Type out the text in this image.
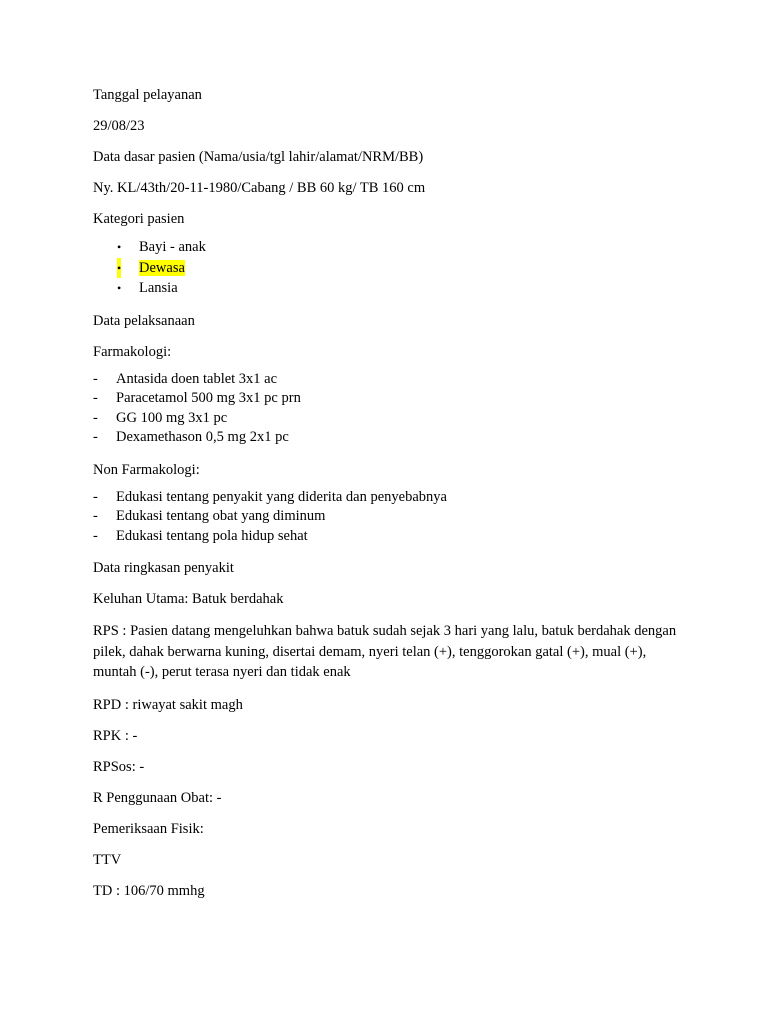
Tanggal pelayanan

29/08/23

Data dasar pasien (Nama/usia/tgl lahir/alamat/NRM/BB)

Ny. KL/43th/20-11-1980/Cabang / BB 60 kg/ TB 160 cm

Kategori pasien

• Bayi - anak
• Dewasa
• Lansia

Data pelaksanaan

Farmakologi:

- Antasida doen tablet 3x1 ac
- Paracetamol 500 mg 3x1 pc prn
- GG 100 mg 3x1 pc
- Dexamethason 0,5 mg 2x1 pc

Non Farmakologi:

- Edukasi tentang penyakit yang diderita dan penyebabnya
- Edukasi tentang obat yang diminum
- Edukasi tentang pola hidup sehat

Data ringkasan penyakit

Keluhan Utama: Batuk berdahak

RPS : Pasien datang mengeluhkan bahwa batuk sudah sejak 3 hari yang lalu, batuk berdahak dengan pilek, dahak berwarna kuning, disertai demam, nyeri telan (+), tenggorokan gatal (+), mual (+), muntah (-), perut terasa nyeri dan tidak enak

RPD : riwayat sakit magh

RPK : -

RPSos: -

R Penggunaan Obat: -

Pemeriksaan Fisik:

TTV

TD : 106/70 mmhg
